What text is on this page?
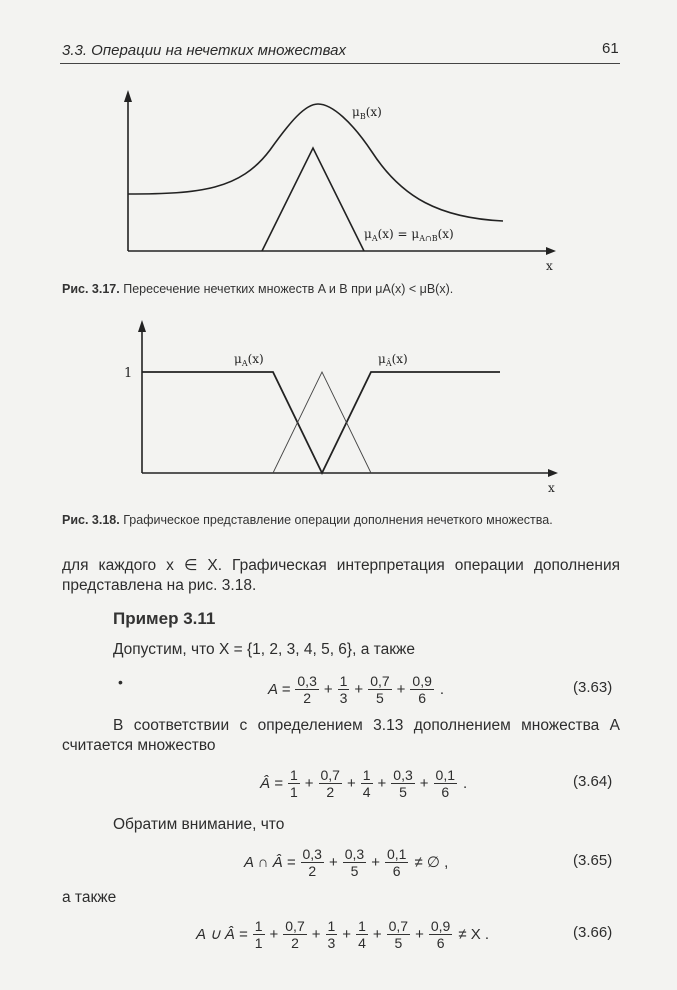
3.3. Операции на нечетких множествах	61
$\mu_B(x)$
$\mu_A(x) = \mu_{A\cap B}(x)$
x
Рис. 3.17. Пересечение нечетких множеств A и B при μA(x) < μB(x).
1
$\mu_A(x)$	$\mu_Â(x)$
x
Рис. 3.18. Графическое представление операции дополнения нечеткого множества.
для каждого x ∈ X. Графическая интерпретация операции дополнения представлена на рис. 3.18.
Пример 3.11
Допустим, что X = {1, 2, 3, 4, 5, 6}, а также
•	$A = \frac{0,3}{2} + \frac{1}{3} + \frac{0,7}{5} + \frac{0,9}{6}$ .	(3.63)
В соответствии с определением 3.13 дополнением множества A считается множество
Â = $\frac{1}{1} + \frac{0,7}{2} + \frac{1}{4} + \frac{0,3}{5} + \frac{0,1}{6}$ .	(3.64)
Обратим внимание, что
A ∩ Â = $\frac{0,3}{2} + \frac{0,3}{5} + \frac{0,1}{6}$ ≠ ∅ ,	(3.65)
а также
A ∪ Â = $\frac{1}{1} + \frac{0,7}{2} + \frac{1}{3} + \frac{1}{4} + \frac{0,7}{5} + \frac{0,9}{6} \ne X$ .	(3.66)
